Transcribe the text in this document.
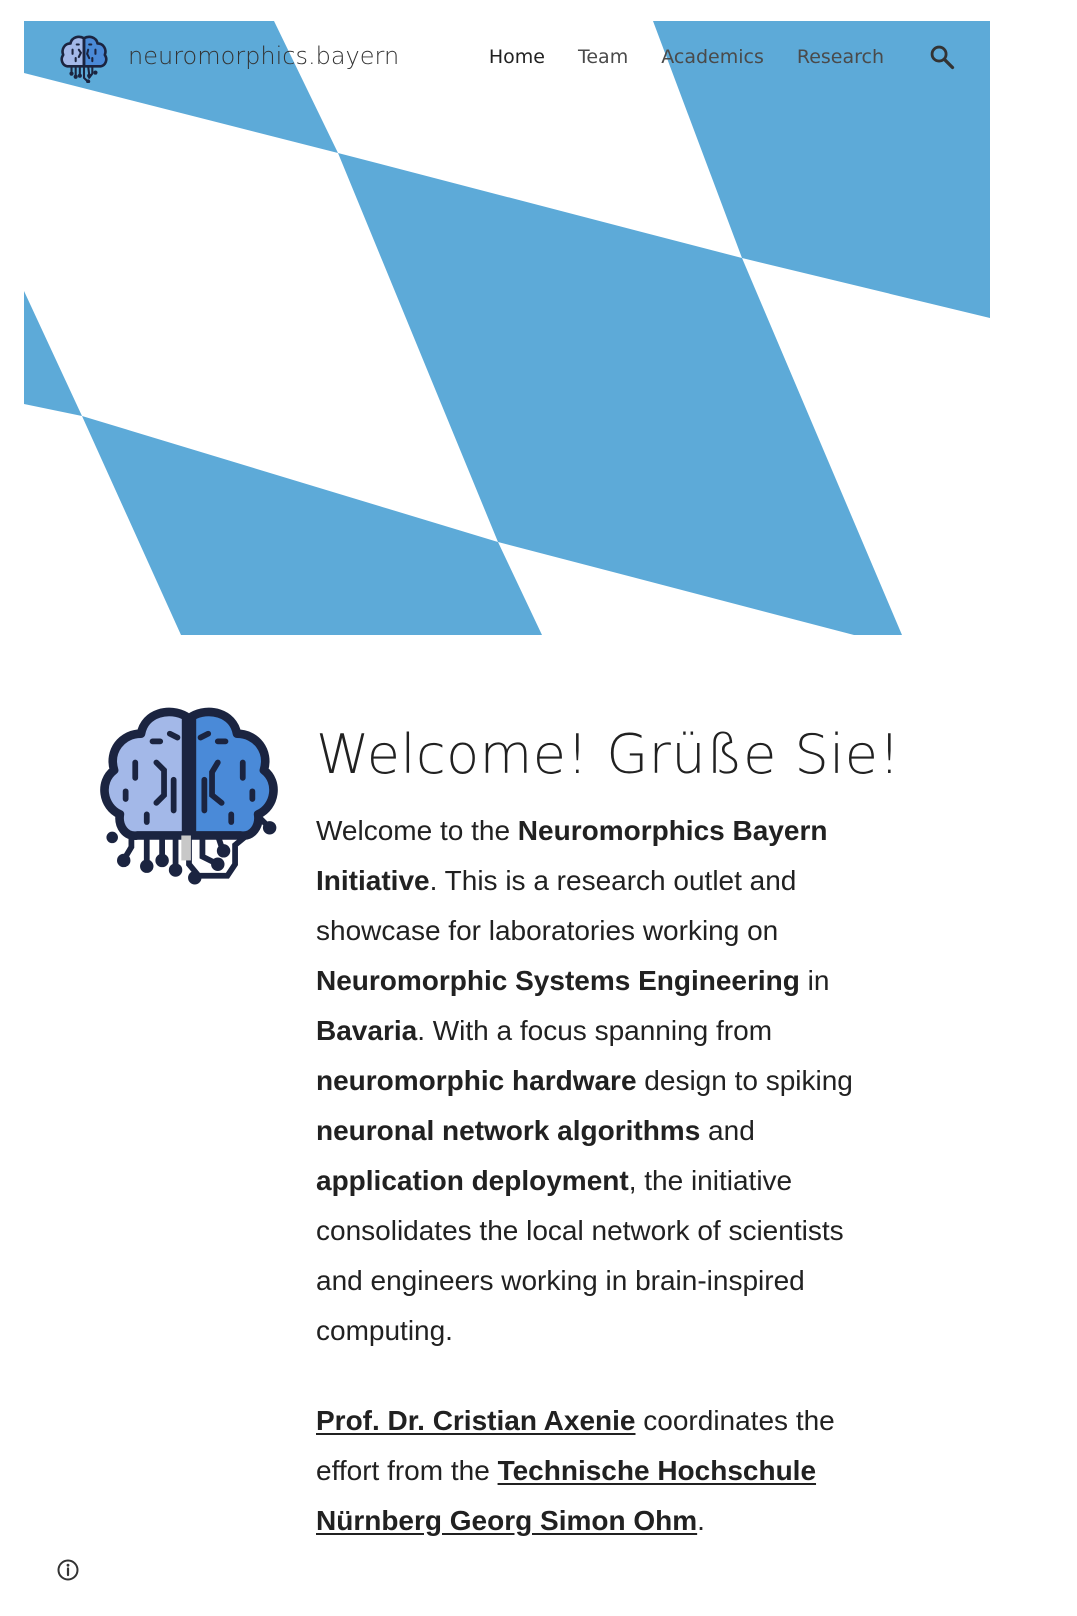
neuromorphics.bayern	Home Team Academics Research
Welcome! Grüße Sie!

Welcome to the Neuromorphics Bayern Initiative. This is a research outlet and showcase for laboratories working on Neuromorphic Systems Engineering in Bavaria. With a focus spanning from neuromorphic hardware design to spiking neuronal network algorithms and application deployment, the initiative consolidates the local network of scientists and engineers working in brain-inspired computing.

Prof. Dr. Cristian Axenie coordinates the effort from the Technische Hochschule Nürnberg Georg Simon Ohm.
